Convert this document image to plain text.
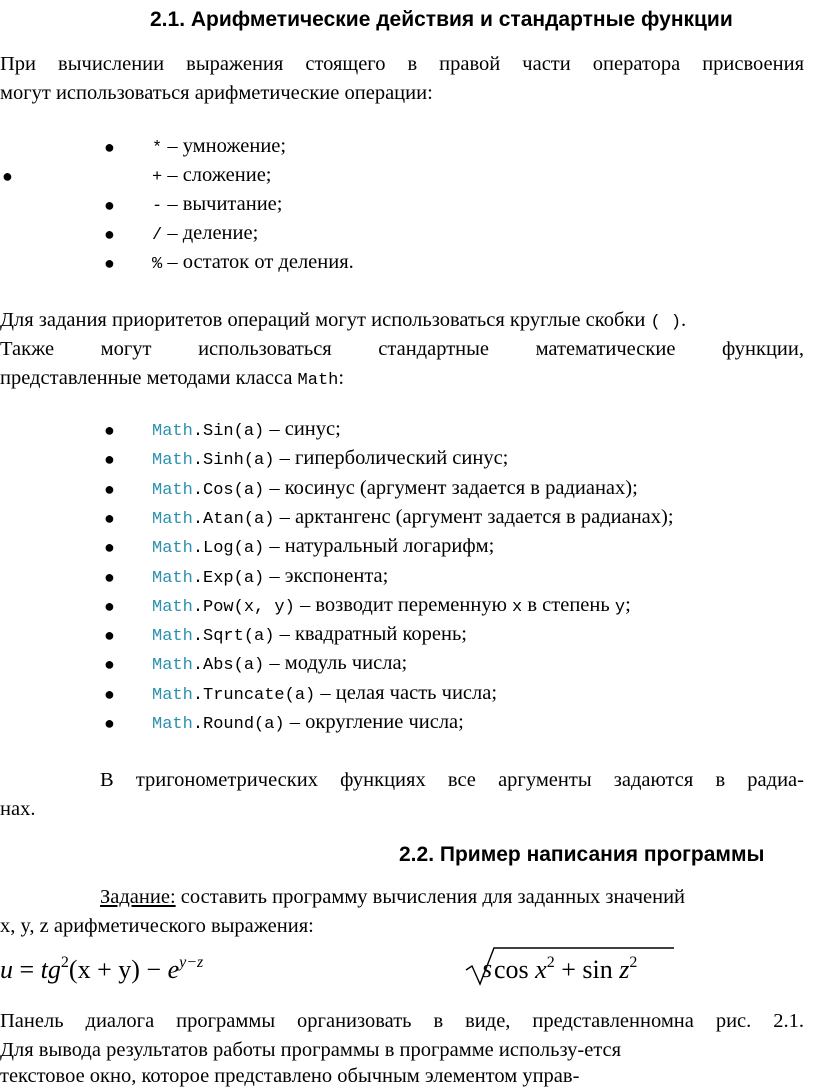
2.1. Арифметические действия и стандартные функции
При вычислении выражения стоящего в правой части оператора присвоения
могут использоваться арифметические операции:
● * – умножение;
●	+ – сложение;
● - – вычитание;
● / – деление;
● % – остаток от деления.
Для задания приоритетов операций могут использоваться круглые скобки ( ).
Также могут использоваться стандартные математические функции,
представленные методами класса Math:
● Math.Sin(a) – синус;
● Math.Sinh(a) – гиперболический синус;
● Math.Cos(a) – косинус (аргумент задается в радианах);
● Math.Atan(a) – арктангенс (аргумент задается в радианах);
● Math.Log(a) – натуральный логарифм;
● Math.Exp(a) – экспонента;
● Math.Pow(x, y) – возводит переменную x в степень y;
● Math.Sqrt(a) – квадратный корень;
● Math.Abs(a) – модуль числа;
● Math.Truncate(a) – целая часть числа;
● Math.Round(a) – округление числа;
В тригонометрических функциях все аргументы задаются в радиа-
нах.
2.2. Пример написания программы
Задание: составить программу вычисления для заданных значений
x, y, z арифметического выражения:
$u = tg^2(x + y) - e^{y-z}$	s $\cos x^2 + \sin z^2$
Панель диалога программы организовать в виде, представленномна рис. 2.1.
Для вывода результатов работы программы в программе использу-ется
текстовое окно, которое представлено обычным элементом управ-
